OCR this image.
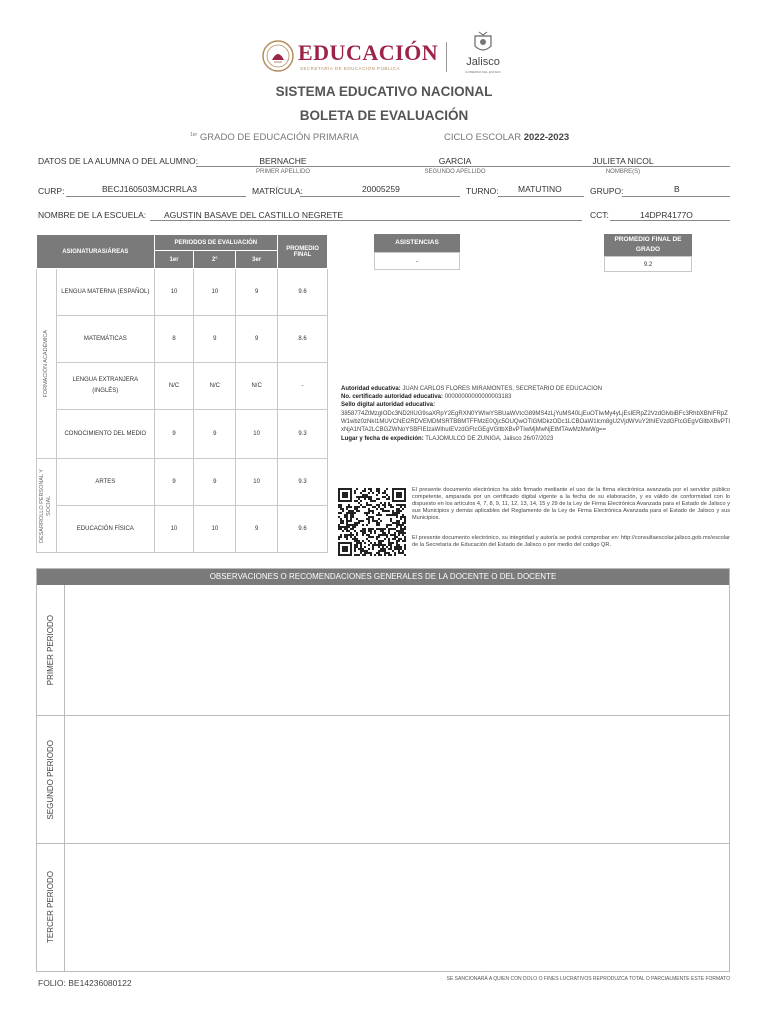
EDUCACIÓN
SECRETARÍA DE EDUCACIÓN PÚBLICA
Jalisco
GOBIERNO DEL ESTADO
SISTEMA EDUCATIVO NACIONAL
BOLETA DE EVALUACIÓN
$^{1er}$ GRADO DE EDUCACIÓN PRIMARIA	CICLO ESCOLAR 2022-2023
DATOS DE LA ALUMNA O DEL ALUMNO:	BERNACHE
PRIMER APELLIDO
GARCIA
SEGUNDO APELLIDO
JULIETA NICOL
NOMBRE(S)
CURP:	BECJ160503MJCRRLA3	MATRÍCULA:	20005259	TURNO: MATUTINO	GRUPO:	B
NOMBRE DE LA ESCUELA: AGUSTIN BASAVE DEL CASTILLO NEGRETE	CCT:	14DPR4177O
ASIGNATURAS/ÁREAS		PERIODOS DE EVALUACIÓN			PROMEDIO FINAL
		1er	2°	3er	

FORMACIÓN ACADÉMICA	LENGUA MATERNA (ESPAÑOL)	10	10	9	9.6
	MATEMÁTICAS	8	9	9	8.6
	LENGUA EXTRANJERA (INGLÉS)	N/C	N/C	N/C	-
	CONOCIMIENTO DEL MEDIO	9	9	10	9.3

DESARROLLO PERSONAL Y SOCIAL	ARTES	9	9	10	9.3
	EDUCACIÓN FÍSICA	10	10	9	9.6
ASISTENCIAS
-
PROMEDIO FINAL DE GRADO
9.2
Autoridad educativa: JUAN CARLOS FLORES MIRAMONTES, SECRETARIO DE EDUCACION
No. certificado autoridad educativa: 00000000000000003183
Sello digital autoridad educativa:
3858774ZtMzgIODc3ND2IIUG9saXRpY2EgRXN0YWIwYSBUaWVtcG89MS4zLjYuMS40LjEuOTIwMy4yLjEsIERpZ2VzdGlvbiBFc3RhbXBhIFRpZW1wbz0zNkI1MUVCNEI2RDVEMDMSRTBBMTFFMzE0Qjc5OUQwOTlGMDkzODc1LCBOaW1lcm8gU2VjdWVuY2lhIEVzdGFtcGEgVGltbXBvPTIxNjA1NTA2LCBGZWNoYSBFIEIzaWIhuIEVzdGFtcGEgVGltbXBvPTIwMjMwNjEtMTAwMzMwWg==
Lugar y fecha de expedición: TLAJOMULCO DE ZUNIGA, Jalisco 26/07/2023
El presente documento electrónico ha sido firmado mediante el uso de la firma electrónica avanzada por el servidor público competente, amparada por un certificado digital vigente a la fecha de su elaboración, y es válido de conformidad con lo dispuesto en los artículos 4, 7, 8, 9, 11, 12, 13, 14, 15 y 29 de la Ley de Firma Electrónica Avanzada para el Estado de Jalisco y sus Municipios y demás aplicables del Reglamento de la Ley de Firma Electrónica Avanzada para el Estado de Jalisco y sus Municipios.
El presente documento electrónico, su integridad y autoría se podrá comprobar en: http://consultaescolar.jalisco.gob.mx/escolar de la Secretaría de Educación del Estado de Jalisco o por medio del codigo QR.
OBSERVACIONES O RECOMENDACIONES GENERALES DE LA DOCENTE O DEL DOCENTE
PRIMER PERIODO
SEGUNDO PERIODO
TERCER PERIODO
FOLIO: BE14236080122	SE SANCIONARÁ A QUIEN CON DOLO O FINES LUCRATIVOS REPRODUZCA TOTAL O PARCIALMENTE ESTE FORMATO
